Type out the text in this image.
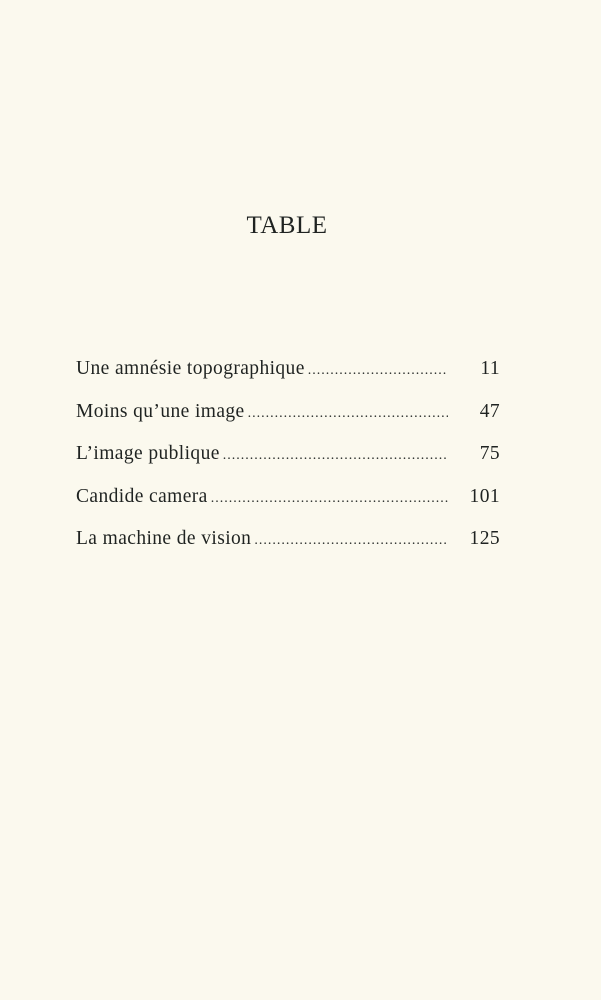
TABLE
Une amnésie topographique .....	11
Moins qu’une image .....	47
L’image publique .....	75
Candide camera .....	101
La machine de vision .....	125
